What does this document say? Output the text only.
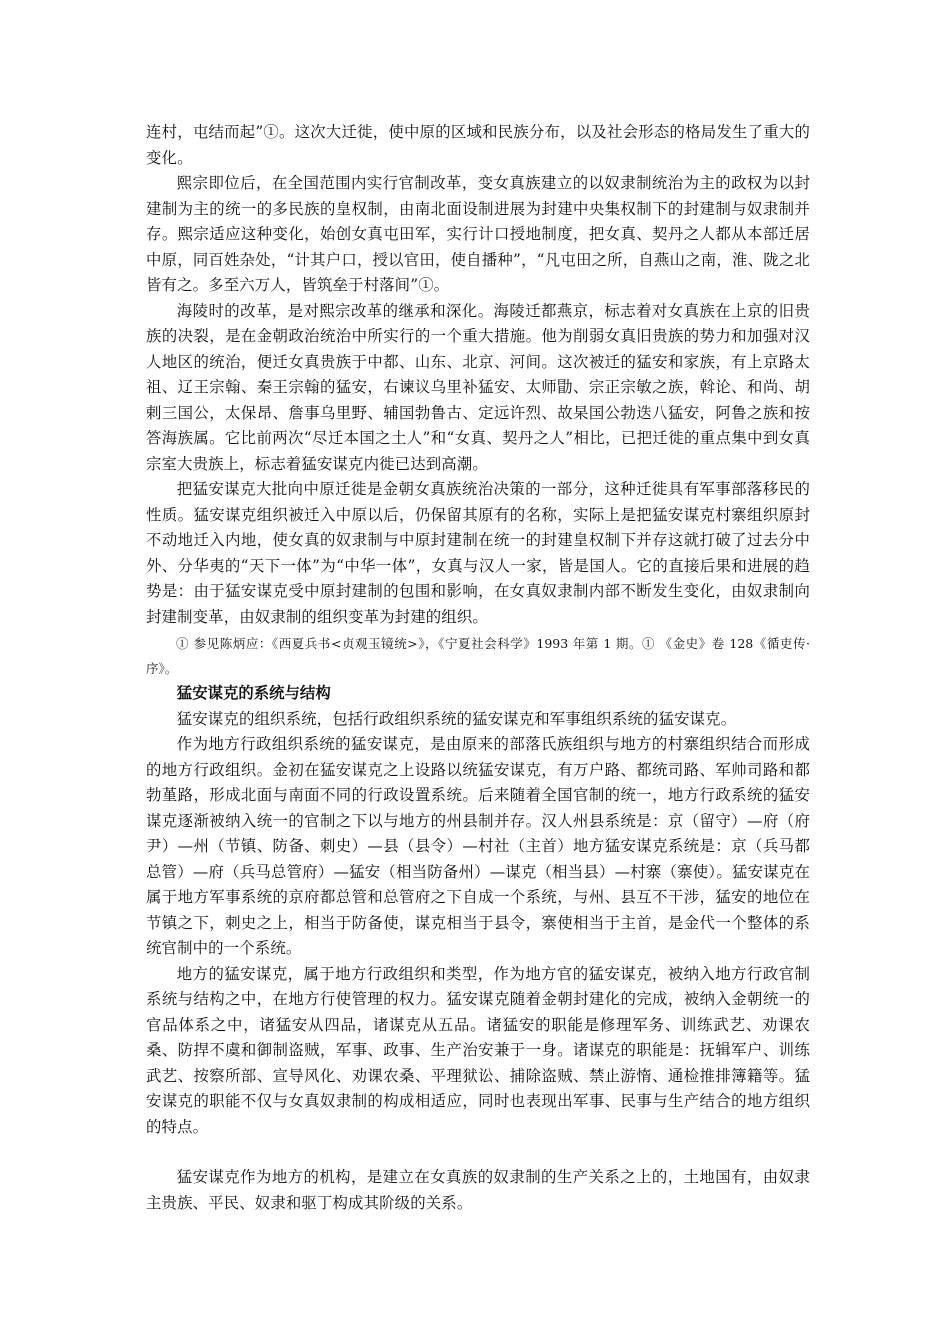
连村，屯结而起”①。这次大迁徙，使中原的区域和民族分布，以及社会形态的格局发生了重大的变化。

熙宗即位后，在全国范围内实行官制改革，变女真族建立的以奴隶制统治为主的政权为以封建制为主的统一的多民族的皇权制，由南北面设制进展为封建中央集权制下的封建制与奴隶制并存。熙宗适应这种变化，始创女真屯田军，实行计口授地制度，把女真、契丹之人都从本部迁居中原，同百姓杂处，“计其户口，授以官田，使自播种”，“凡屯田之所，自燕山之南，淮、陇之北皆有之。多至六万人，皆筑垒于村落间”①。

海陵时的改革，是对熙宗改革的继承和深化。海陵迁都燕京，标志着对女真族在上京的旧贵族的决裂，是在金朝政治统治中所实行的一个重大措施。他为削弱女真旧贵族的势力和加强对汉人地区的统治，便迁女真贵族于中都、山东、北京、河间。这次被迁的猛安和家族，有上京路太祖、辽王宗翰、秦王宗翰的猛安，右谏议乌里补猛安、太师勖、宗正宗敏之族，斡论、和尚、胡剌三国公，太保昂、詹事乌里野、辅国勃鲁古、定远许烈、故杲国公勃迭八猛安，阿鲁之族和按答海族属。它比前两次“尽迁本国之土人”和“女真、契丹之人”相比，已把迁徙的重点集中到女真宗室大贵族上，标志着猛安谋克内徙已达到高潮。

把猛安谋克大批向中原迁徙是金朝女真族统治决策的一部分，这种迁徙具有军事部落移民的性质。猛安谋克组织被迁入中原以后，仍保留其原有的名称，实际上是把猛安谋克村寨组织原封不动地迁入内地，使女真的奴隶制与中原封建制在统一的封建皇权制下并存这就打破了过去分中外、分华夷的“天下一体”为“中华一体”，女真与汉人一家，皆是国人。它的直接后果和进展的趋势是：由于猛安谋克受中原封建制的包围和影响，在女真奴隶制内部不断发生变化，由奴隶制向封建制变革，由奴隶制的组织变革为封建的组织。

① 参见陈炳应：《西夏兵书<贞观玉镜统>》，《宁夏社会科学》1993 年第 1 期。① 《金史》卷 128《循吏传·序》。

猛安谋克的系统与结构

猛安谋克的组织系统，包括行政组织系统的猛安谋克和军事组织系统的猛安谋克。

作为地方行政组织系统的猛安谋克，是由原来的部落氏族组织与地方的村寨组织结合而形成的地方行政组织。金初在猛安谋克之上设路以统猛安谋克，有万户路、都统司路、军帅司路和都勃堇路，形成北面与南面不同的行政设置系统。后来随着全国官制的统一，地方行政系统的猛安谋克逐渐被纳入统一的官制之下以与地方的州县制并存。汉人州县系统是：京（留守）—府（府尹）—州（节镇、防备、刺史）—县（县令）—村社（主首）地方猛安谋克系统是：京（兵马都总管）—府（兵马总管府）—猛安（相当防备州）—谋克（相当县）—村寨（寨使）。猛安谋克在属于地方军事系统的京府都总管和总管府之下自成一个系统，与州、县互不干涉，猛安的地位在节镇之下，刺史之上，相当于防备使，谋克相当于县令，寨使相当于主首，是金代一个整体的系统官制中的一个系统。

地方的猛安谋克，属于地方行政组织和类型，作为地方官的猛安谋克，被纳入地方行政官制系统与结构之中，在地方行使管理的权力。猛安谋克随着金朝封建化的完成，被纳入金朝统一的官品体系之中，诸猛安从四品，诸谋克从五品。诸猛安的职能是修理军务、训练武艺、劝课农桑、防捍不虞和御制盗贼，军事、政事、生产治安兼于一身。诸谋克的职能是：抚辑军户、训练武艺、按察所部、宣导风化、劝课农桑、平理狱讼、捕除盗贼、禁止游惰、通检推排簿籍等。猛安谋克的职能不仅与女真奴隶制的构成相适应，同时也表现出军事、民事与生产结合的地方组织的特点。

猛安谋克作为地方的机构，是建立在女真族的奴隶制的生产关系之上的，土地国有，由奴隶主贵族、平民、奴隶和驱丁构成其阶级的关系。
